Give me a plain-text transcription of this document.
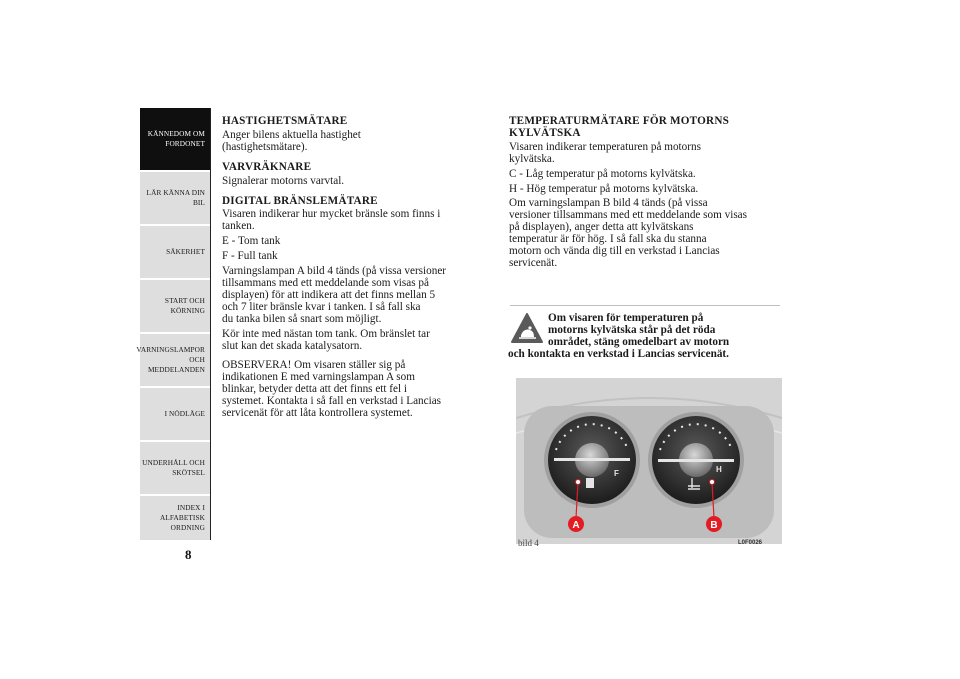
KÄNNEDOM OM
FORDONET
LÄR KÄNNA DIN
BIL
SÄKERHET
START OCH
KÖRNING
VARNINGSLAMPOR
OCH
MEDDELANDEN
I NÖDLÄGE
UNDERHÅLL OCH
SKÖTSEL
INDEX I
ALFABETISK
ORDNING
8

HASTIGHETSMÄTARE

Anger bilens aktuella hastighet

(hastighetsmätare).

VARVRÄKNARE

Signalerar motorns varvtal.

DIGITAL BRÄNSLEMÄTARE

Visaren indikerar hur mycket bränsle som finns i

tanken.

E - Tom tank

F - Full tank

Varningslampan A bild 4 tänds (på vissa versioner

tillsammans med ett meddelande som visas på

displayen) för att indikera att det finns mellan 5

och 7 liter bränsle kvar i tanken. I så fall ska

du tanka bilen så snart som möjligt.

Kör inte med nästan tom tank. Om bränslet tar

slut kan det skada katalysatorn.

OBSERVERA! Om visaren ställer sig på

indikationen E med varningslampan A som

blinkar, betyder detta att det finns ett fel i

systemet. Kontakta i så fall en verkstad i Lancias

servicenät för att låta kontrollera systemet.

TEMPERATURMÄTARE FÖR MOTORNS

KYLVÄTSKA

Visaren indikerar temperaturen på motorns

kylvätska.

C - Låg temperatur på motorns kylvätska.

H - Hög temperatur på motorns kylvätska.

Om varningslampan B bild 4 tänds (på vissa

versioner tillsammans med ett meddelande som visas

på displayen), anger detta att kylvätskans

temperatur är för hög. I så fall ska du stanna

motorn och vända dig till en verkstad i Lancias

servicenät.

Om visaren för temperaturen på
motorns kylvätska står på det röda
området, stäng omedelbart av motorn
och kontakta en verkstad i Lancias servicenät.
F	H
A	B
bild 4	L0F0026
